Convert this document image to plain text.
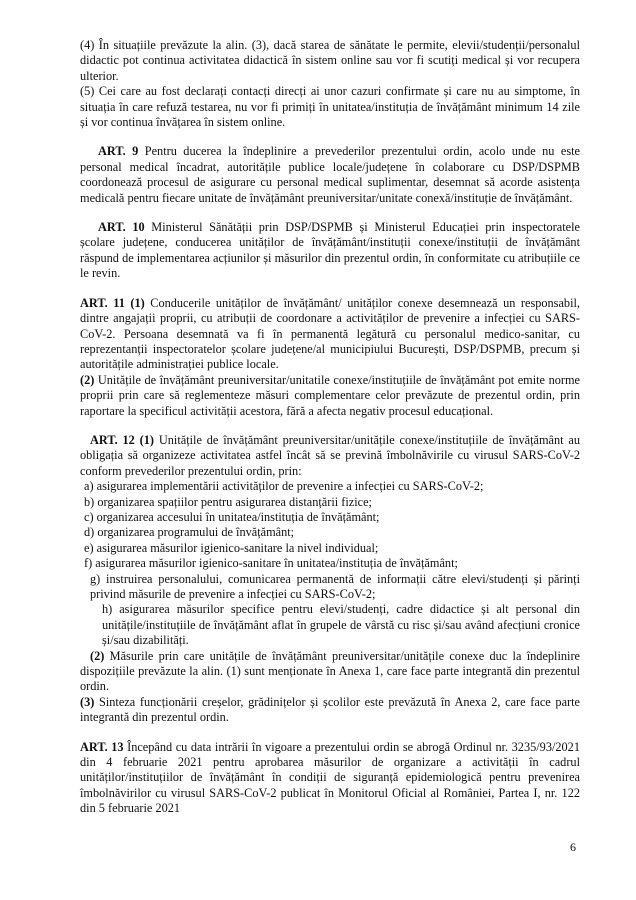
(4) În situațiile prevăzute la alin. (3), dacă starea de sănătate le permite, elevii/studenții/personalul didactic pot continua activitatea didactică în sistem online sau vor fi scutiți medical și vor recupera ulterior.

(5) Cei care au fost declarați contacți direcți ai unor cazuri confirmate și care nu au simptome, în situația în care refuză testarea, nu vor fi primiți în unitatea/instituția de învățământ minimum 14 zile și vor continua învățarea în sistem online.

ART. 9 Pentru ducerea la îndeplinire a prevederilor prezentului ordin, acolo unde nu este personal medical încadrat, autoritățile publice locale/județene în colaborare cu DSP/DSPMB coordonează procesul de asigurare cu personal medical suplimentar, desemnat să acorde asistența medicală pentru fiecare unitate de învățământ preuniversitar/unitate conexă/instituție de învățământ.

ART. 10 Ministerul Sănătății prin DSP/DSPMB și Ministerul Educației prin inspectoratele școlare județene, conducerea unităților de învățământ/instituții conexe/instituții de învățământ răspund de implementarea acțiunilor și măsurilor din prezentul ordin, în conformitate cu atribuțiile ce le revin.

ART. 11 (1) Conducerile unităților de învățământ/ unităților conexe desemnează un responsabil, dintre angajații proprii, cu atribuții de coordonare a activităților de prevenire a infecției cu SARS-CoV-2. Persoana desemnată va fi în permanentă legătură cu personalul medico-sanitar, cu reprezentanții inspectoratelor școlare județene/al municipiului București, DSP/DSPMB, precum și autoritățile administrației publice locale.

(2) Unitățile de învățământ preuniversitar/unitatile conexe/instituțiile de învățământ pot emite norme proprii prin care să reglementeze măsuri complementare celor prevăzute de prezentul ordin, prin raportare la specificul activității acestora, fără a afecta negativ procesul educațional.

ART. 12 (1) Unitățile de învățământ preuniversitar/unitățile conexe/instituțiile de învățământ au obligația să organizeze activitatea astfel încât să se prevină îmbolnăvirile cu virusul SARS-CoV-2 conform prevederilor prezentului ordin, prin:

a) asigurarea implementării activităților de prevenire a infecției cu SARS-CoV-2;

b) organizarea spațiilor pentru asigurarea distanțării fizice;

c) organizarea accesului în unitatea/instituția de învățământ;

d) organizarea programului de învățământ;

e) asigurarea măsurilor igienico-sanitare la nivel individual;

f) asigurarea măsurilor igienico-sanitare în unitatea/instituția de învățământ;

g) instruirea personalului, comunicarea permanentă de informații către elevi/studenți și părinți privind măsurile de prevenire a infecției cu SARS-CoV-2;

h) asigurarea măsurilor specifice pentru elevi/studenți, cadre didactice și alt personal din unitățile/instituțiile de învățământ aflat în grupele de vârstă cu risc și/sau având afecțiuni cronice și/sau dizabilități.

(2) Măsurile prin care unitățile de învățământ preuniversitar/unitățile conexe duc la îndeplinire dispozițiile prevăzute la alin. (1) sunt menționate în Anexa 1, care face parte integrantă din prezentul ordin.

(3) Sinteza funcționării creșelor, grădinițelor și școlilor este prevăzută în Anexa 2, care face parte integrantă din prezentul ordin.

ART. 13 Începând cu data intrării în vigoare a prezentului ordin se abrogă Ordinul nr. 3235/93/2021 din 4 februarie 2021 pentru aprobarea măsurilor de organizare a activității în cadrul unităților/instituțiilor de învățământ în condiții de siguranță epidemiologică pentru prevenirea îmbolnăvirilor cu virusul SARS-CoV-2 publicat în Monitorul Oficial al României, Partea I, nr. 122 din 5 februarie 2021

6
